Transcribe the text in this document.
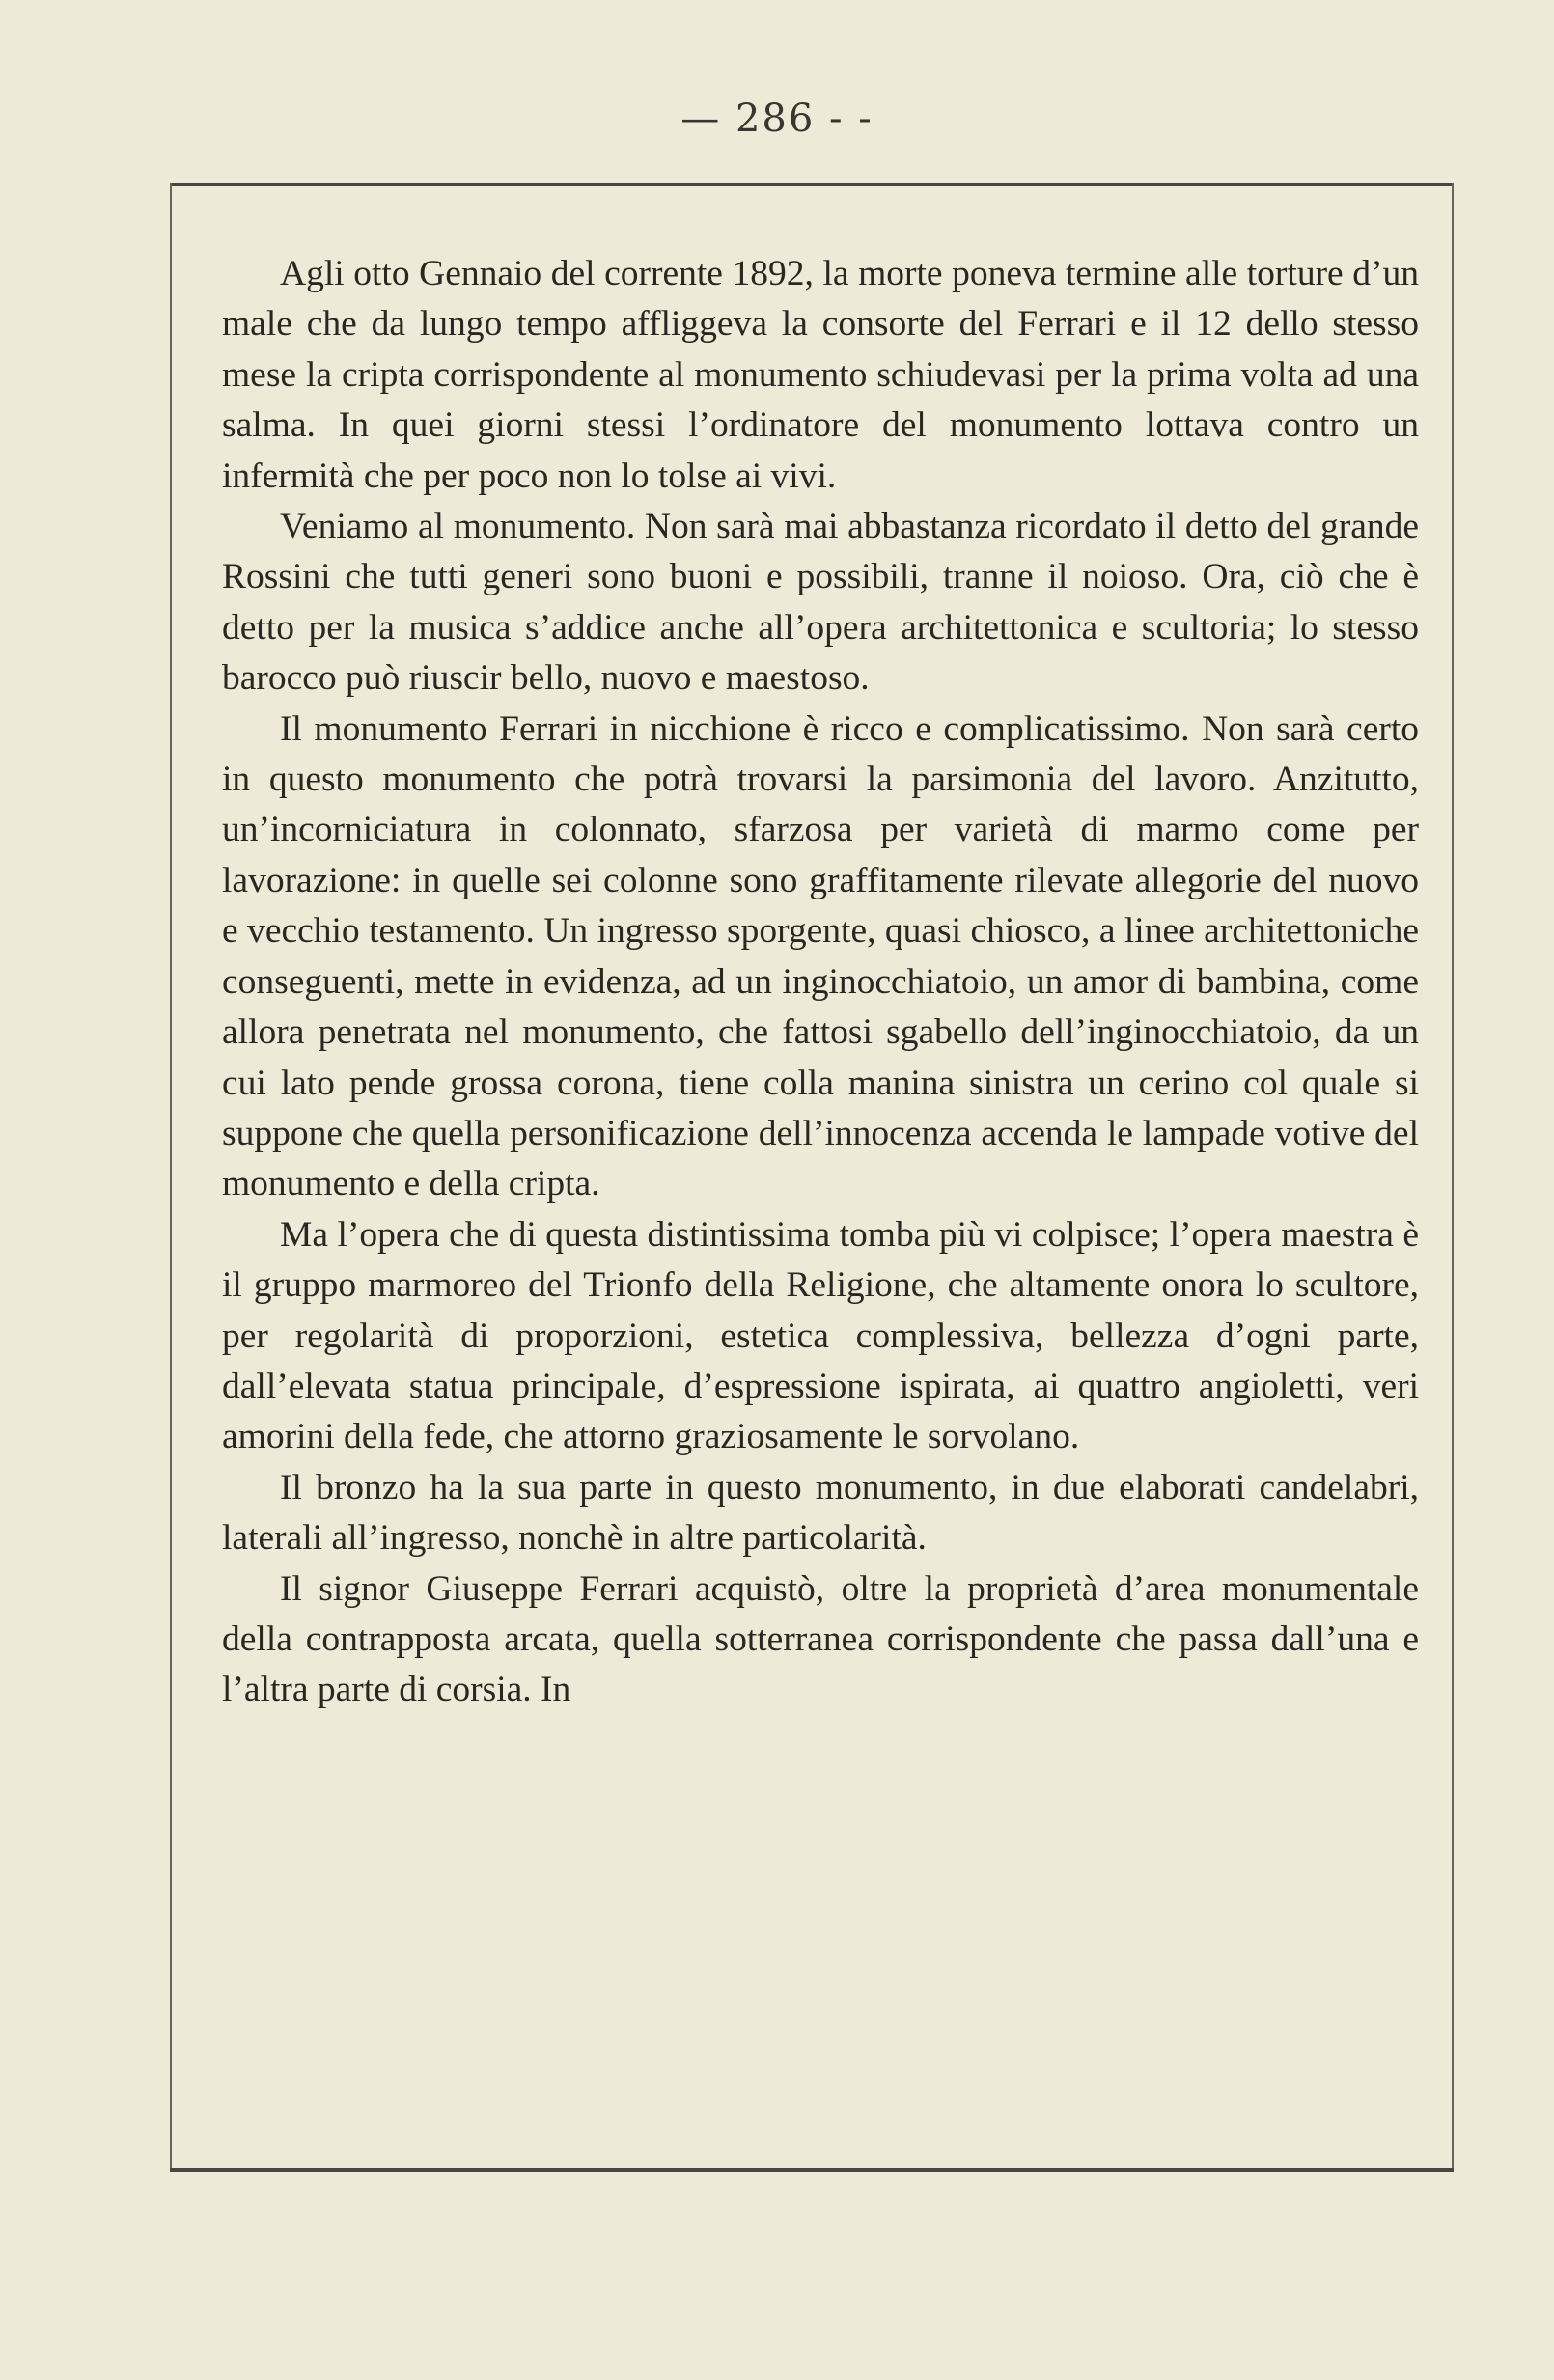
— 286 - -

Agli otto Gennaio del corrente 1892, la morte poneva termine alle torture d’un male che da lungo tempo affliggeva la consorte del Ferrari e il 12 dello stesso mese la cripta corrispondente al monumento schiudevasi per la prima volta ad una salma. In quei giorni stessi l’ordinatore del monumento lottava contro un infermità che per poco non lo tolse ai vivi.

Veniamo al monumento. Non sarà mai abbastanza ricordato il detto del grande Rossini che tutti generi sono buoni e possibili, tranne il noioso. Ora, ciò che è detto per la musica s’addice anche all’opera architettonica e scultoria; lo stesso barocco può riuscir bello, nuovo e maestoso.

Il monumento Ferrari in nicchione è ricco e complicatissimo. Non sarà certo in questo monumento che potrà trovarsi la parsimonia del lavoro. Anzitutto, un’incorniciatura in colonnato, sfarzosa per varietà di marmo come per lavorazione: in quelle sei colonne sono graffitamente rilevate allegorie del nuovo e vecchio testamento. Un ingresso sporgente, quasi chiosco, a linee architettoniche conseguenti, mette in evidenza, ad un inginocchiatoio, un amor di bambina, come allora penetrata nel monumento, che fattosi sgabello dell’inginocchiatoio, da un cui lato pende grossa corona, tiene colla manina sinistra un cerino col quale si suppone che quella personificazione dell’innocenza accenda le lampade votive del monumento e della cripta.

Ma l’opera che di questa distintissima tomba più vi colpisce; l’opera maestra è il gruppo marmoreo del Trionfo della Religione, che altamente onora lo scultore, per regolarità di proporzioni, estetica complessiva, bellezza d’ogni parte, dall’elevata statua principale, d’espressione ispirata, ai quattro angioletti, veri amorini della fede, che attorno graziosamente le sorvolano.

Il bronzo ha la sua parte in questo monumento, in due elaborati candelabri, laterali all’ingresso, nonchè in altre particolarità.

Il signor Giuseppe Ferrari acquistò, oltre la proprietà d’area monumentale della contrapposta arcata, quella sotterranea corrispondente che passa dall’una e l’altra parte di corsia. In
